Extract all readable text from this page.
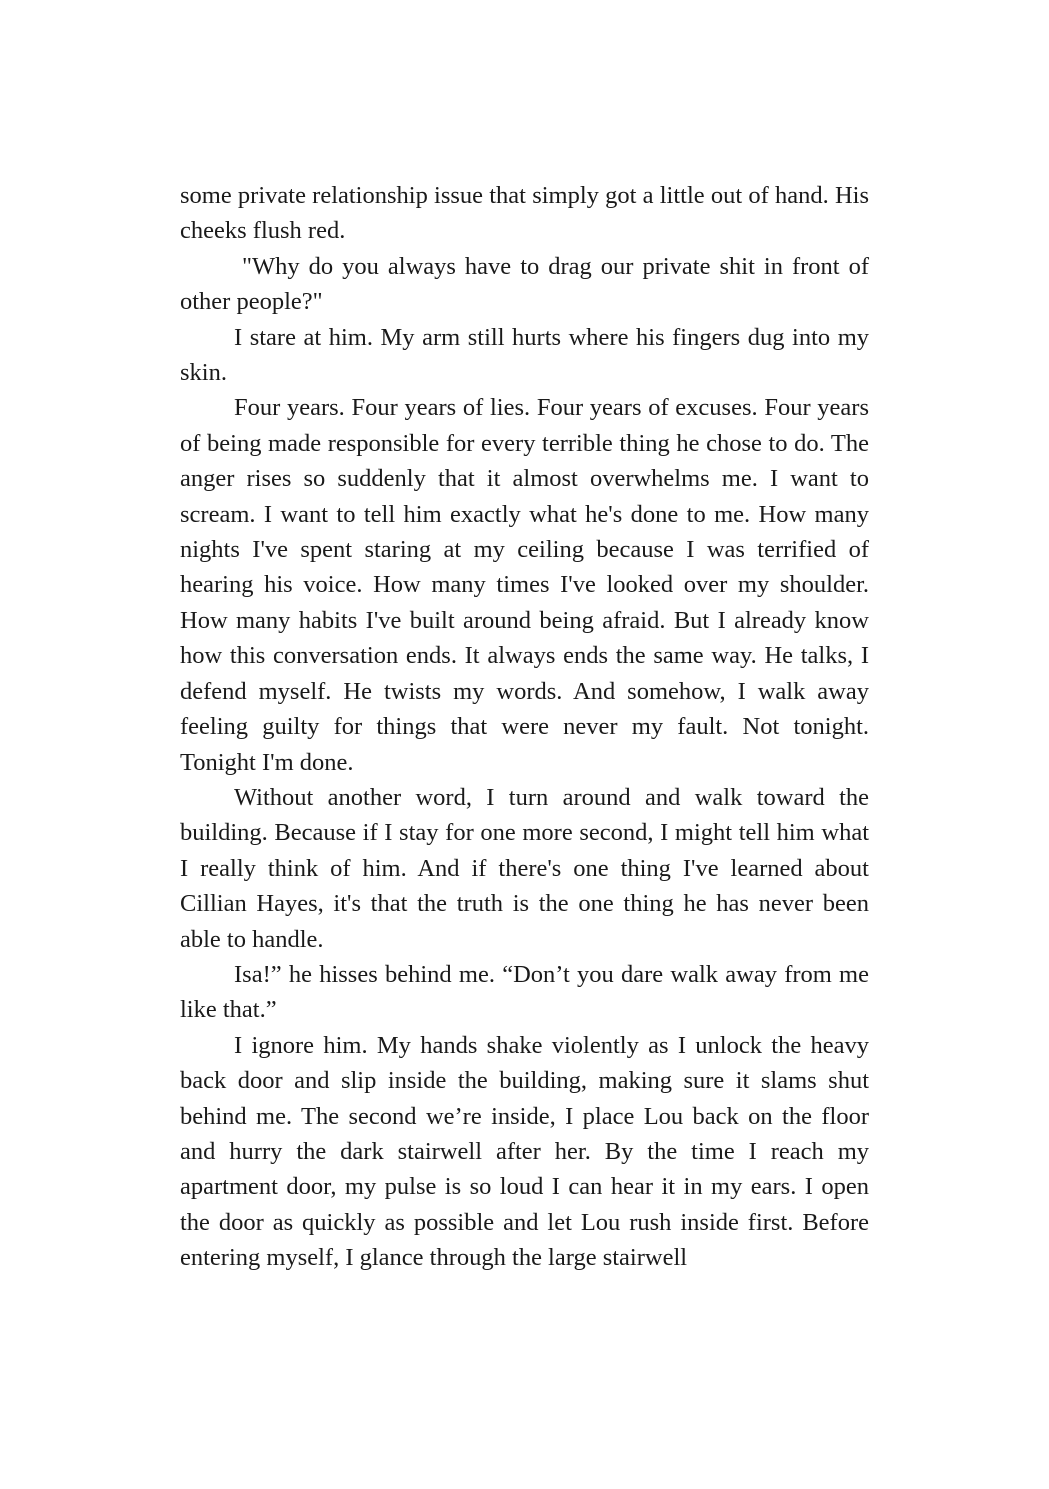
some private relationship issue that simply got a little out of hand. His cheeks flush red.

"Why do you always have to drag our private shit in front of other people?"

I stare at him. My arm still hurts where his fingers dug into my skin.

Four years. Four years of lies. Four years of excuses. Four years of being made responsible for every terrible thing he chose to do. The anger rises so suddenly that it almost overwhelms me. I want to scream. I want to tell him exactly what he's done to me. How many nights I've spent staring at my ceiling because I was terrified of hearing his voice. How many times I've looked over my shoulder. How many habits I've built around being afraid. But I already know how this conversation ends. It always ends the same way. He talks, I defend myself. He twists my words. And somehow, I walk away feeling guilty for things that were never my fault. Not tonight. Tonight I'm done.

Without another word, I turn around and walk toward the building. Because if I stay for one more second, I might tell him what I really think of him. And if there's one thing I've learned about Cillian Hayes, it's that the truth is the one thing he has never been able to handle.

Isa!” he hisses behind me. “Don’t you dare walk away from me like that.”

I ignore him. My hands shake violently as I unlock the heavy back door and slip inside the building, making sure it slams shut behind me. The second we’re inside, I place Lou back on the floor and hurry the dark stairwell after her. By the time I reach my apartment door, my pulse is so loud I can hear it in my ears. I open the door as quickly as possible and let Lou rush inside first. Before entering myself, I glance through the large stairwell
